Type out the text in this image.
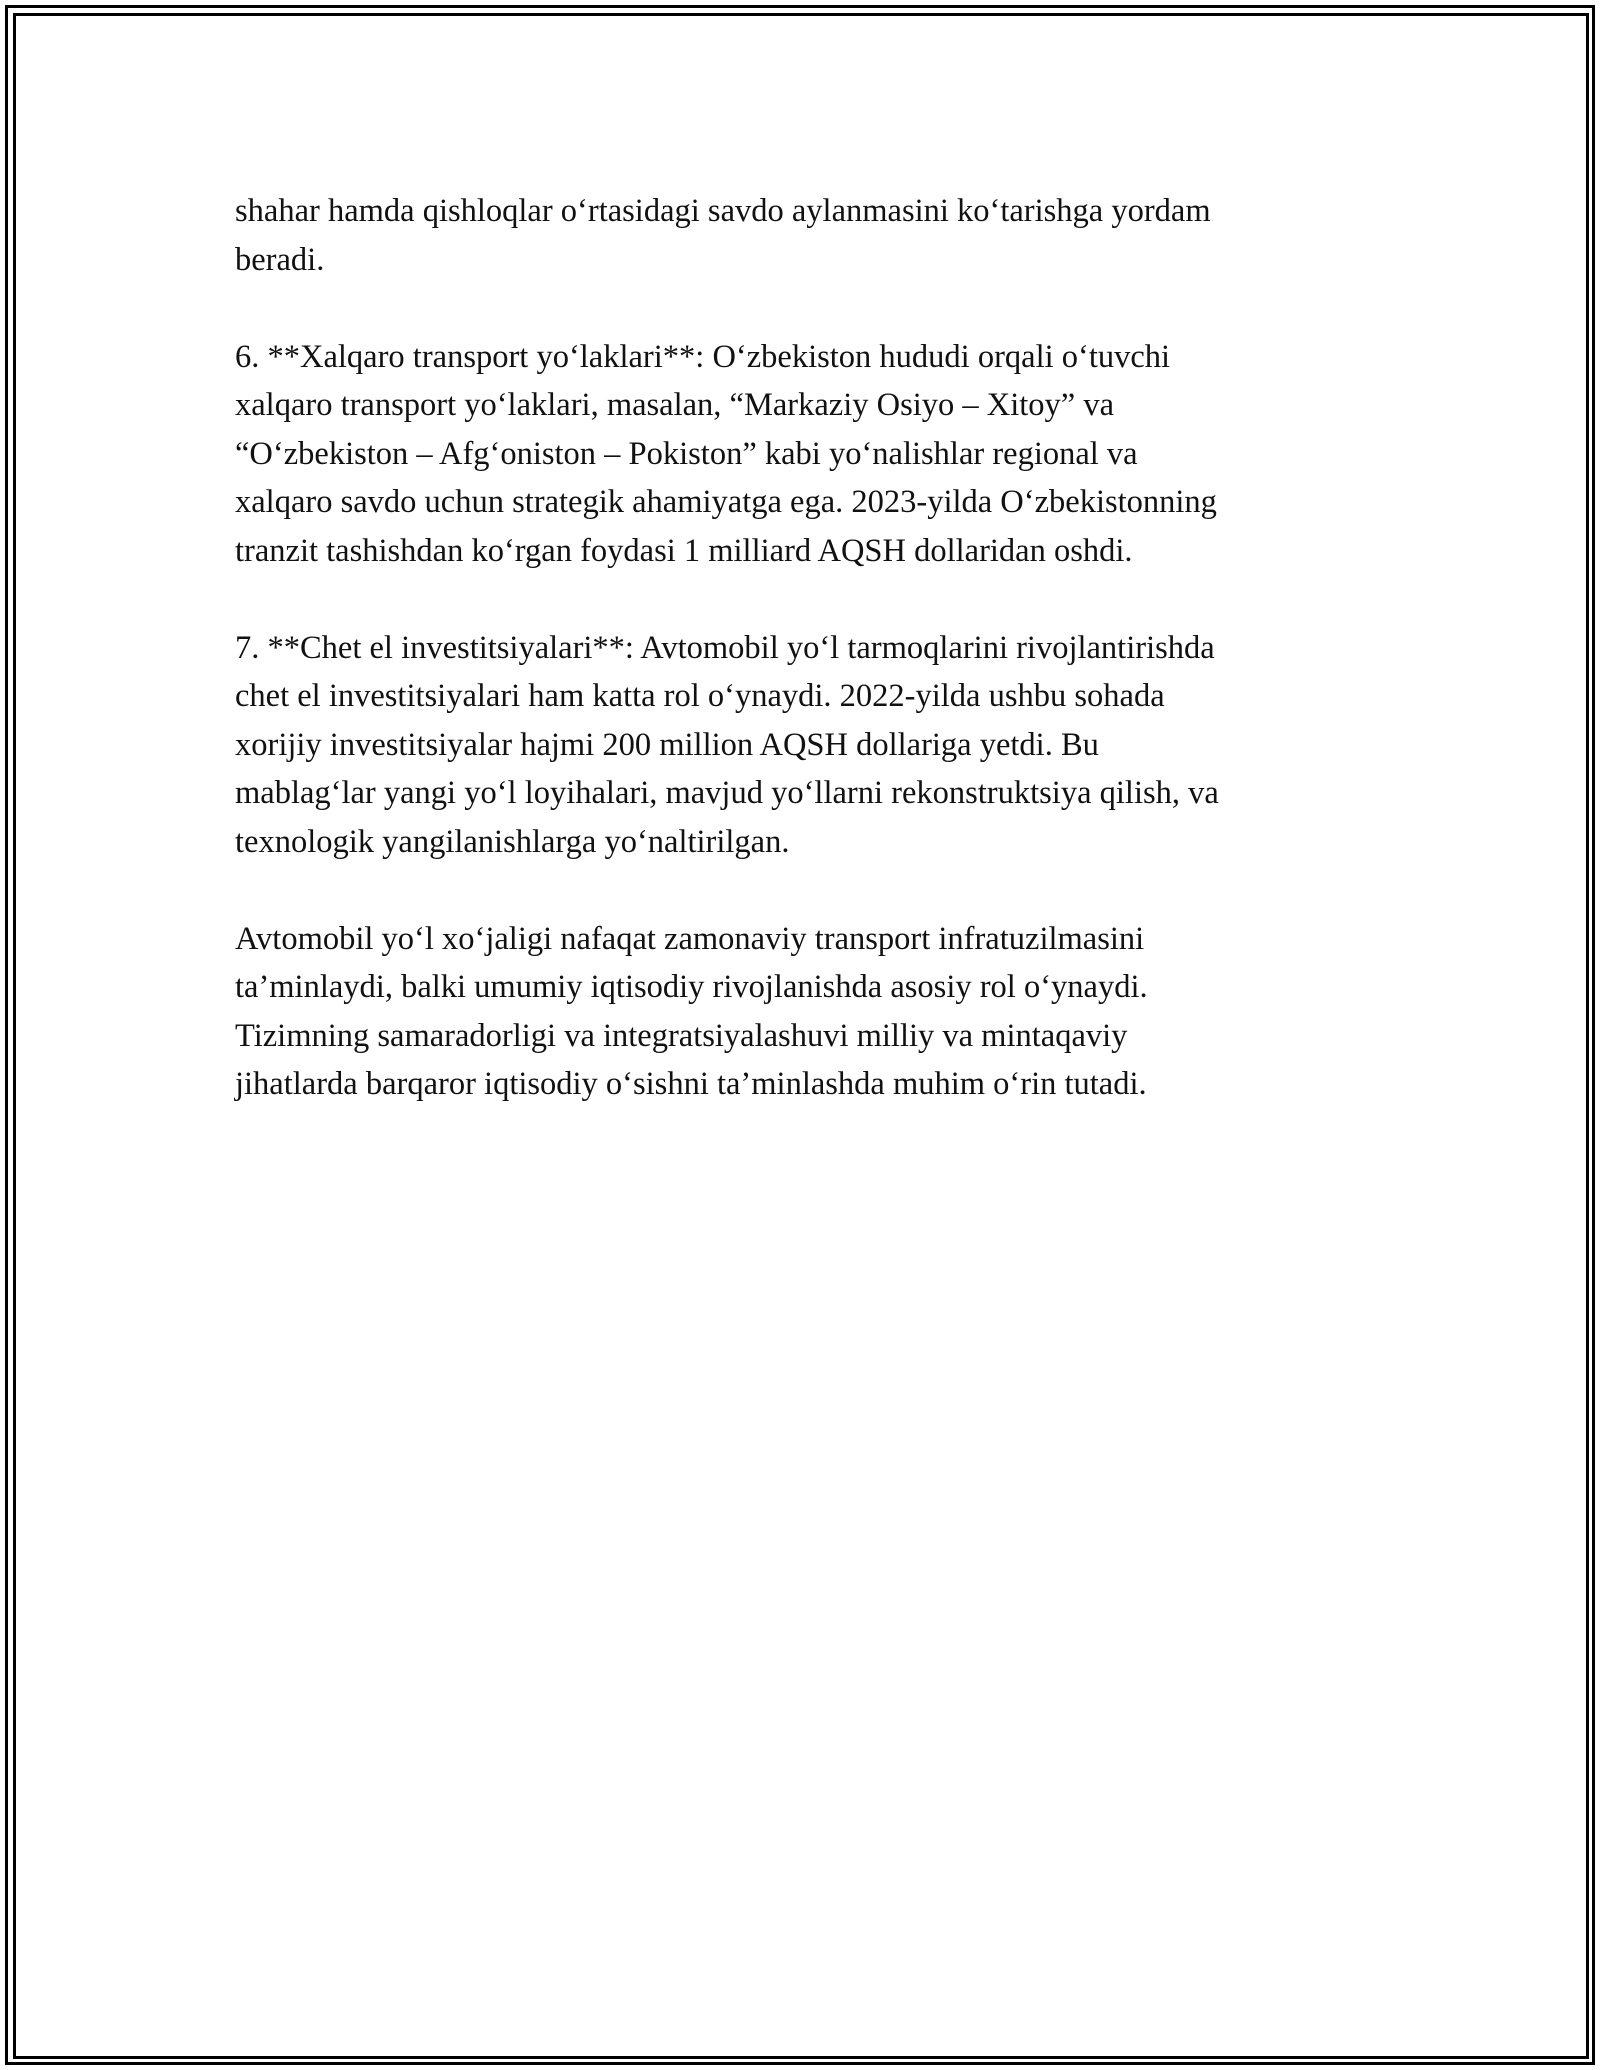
shahar hamda qishloqlar o‘rtasidagi savdo aylanmasini ko‘tarishga yordam
beradi.

6. **Xalqaro transport yo‘laklari**: O‘zbekiston hududi orqali o‘tuvchi
xalqaro transport yo‘laklari, masalan, “Markaziy Osiyo – Xitoy” va
“O‘zbekiston – Afg‘oniston – Pokiston” kabi yo‘nalishlar regional va
xalqaro savdo uchun strategik ahamiyatga ega. 2023-yilda O‘zbekistonning
tranzit tashishdan ko‘rgan foydasi 1 milliard AQSH dollaridan oshdi.

7. **Chet el investitsiyalari**: Avtomobil yo‘l tarmoqlarini rivojlantirishda
chet el investitsiyalari ham katta rol o‘ynaydi. 2022-yilda ushbu sohada
xorijiy investitsiyalar hajmi 200 million AQSH dollariga yetdi. Bu
mablag‘lar yangi yo‘l loyihalari, mavjud yo‘llarni rekonstruktsiya qilish, va
texnologik yangilanishlarga yo‘naltirilgan.

Avtomobil yo‘l xo‘jaligi nafaqat zamonaviy transport infratuzilmasini
ta’minlaydi, balki umumiy iqtisodiy rivojlanishda asosiy rol o‘ynaydi.
Tizimning samaradorligi va integratsiyalashuvi milliy va mintaqaviy
jihatlarda barqaror iqtisodiy o‘sishni ta’minlashda muhim o‘rin tutadi.
